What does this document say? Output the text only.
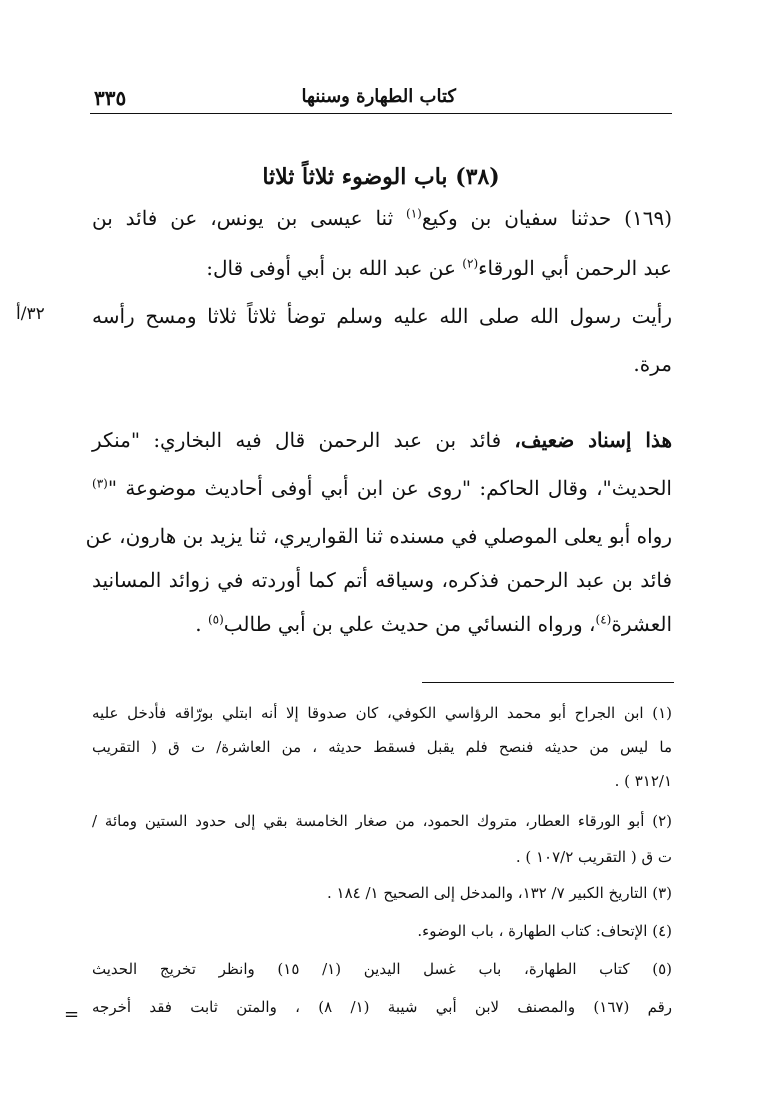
٣٣٥	كتاب الطهارة وسننها
(٣٨) باب الوضوء ثلاثاً ثلاثا
(١٦٩) حدثنا سفيان بن وكيع$^{(١)}$ ثنا عيسى بن يونس، عن فائد بن
عبد الرحمن أبي الورقاء$^{(٢)}$ عن عبد الله بن أبي أوفى قال:
رأيت رسول الله صلى الله عليه وسلم توضأ ثلاثاً ثلاثا ومسح رأسه
مرة.
٣٢/أ
هذا إسناد ضعيف، فائد بن عبد الرحمن قال فيه البخاري: "منكر
الحديث"، وقال الحاكم: "روى عن ابن أبي أوفى أحاديث موضوعة "$^{(٣)}$
رواه أبو يعلى الموصلي في مسنده ثنا القواريري، ثنا يزيد بن هارون، عن
فائد بن عبد الرحمن فذكره، وسياقه أتم كما أوردته في زوائد المسانيد
العشرة$^{(٤)}$، ورواه النسائي من حديث علي بن أبي طالب$^{(٥)}$ .
(١) ابن الجراح أبو محمد الرؤاسي الكوفي، كان صدوقا إلا أنه ابتلي بورّاقه فأدخل عليه
ما ليس من حديثه فنصح فلم يقبل فسقط حديثه ، من العاشرة/ ت ق ( التقريب
٣١٢/١ ) .
(٢) أبو الورقاء العطار، متروك الحمود، من صغار الخامسة بقي إلى حدود الستين ومائة /
ت ق ( التقريب ١٠٧/٢ ) .
(٣) التاريخ الكبير ٧/ ١٣٢، والمدخل إلى الصحيح ١/ ١٨٤ .
(٤) الإتحاف: كتاب الطهارة ، باب الوضوء.
(٥) كتاب الطهارة، باب غسل اليدين (١/ ١٥) وانظر تخريج الحديث
رقم (١٦٧) والمصنف لابن أبي شيبة (١/ ٨) ، والمتن ثابت فقد أخرجه
=
